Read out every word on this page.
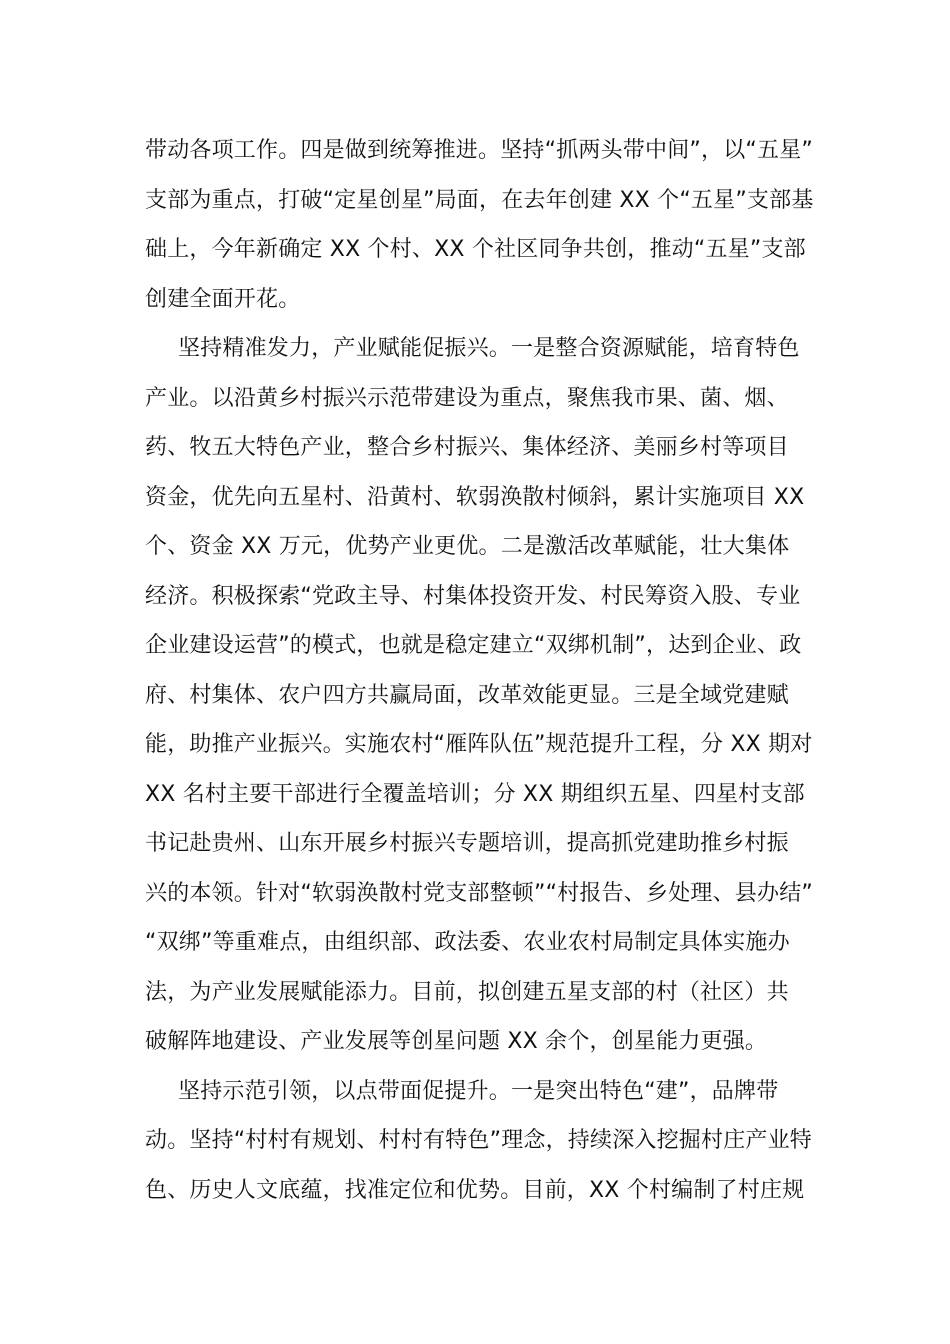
带动各项工作。四是做到统筹推进。坚持“抓两头带中间”，以“五星”
支部为重点，打破“定星创星”局面，在去年创建 XX 个“五星”支部基
础上，今年新确定 XX 个村、XX 个社区同争共创，推动“五星”支部
创建全面开花。
坚持精准发力，产业赋能促振兴。一是整合资源赋能，培育特色
产业。以沿黄乡村振兴示范带建设为重点，聚焦我市果、菌、烟、
药、牧五大特色产业，整合乡村振兴、集体经济、美丽乡村等项目
资金，优先向五星村、沿黄村、软弱涣散村倾斜，累计实施项目 XX
个、资金 XX 万元，优势产业更优。二是激活改革赋能，壮大集体
经济。积极探索“党政主导、村集体投资开发、村民筹资入股、专业
企业建设运营”的模式，也就是稳定建立“双绑机制”，达到企业、政
府、村集体、农户四方共赢局面，改革效能更显。三是全域党建赋
能，助推产业振兴。实施农村“雁阵队伍”规范提升工程，分 XX 期对
XX 名村主要干部进行全覆盖培训；分 XX 期组织五星、四星村支部
书记赴贵州、山东开展乡村振兴专题培训，提高抓党建助推乡村振
兴的本领。针对“软弱涣散村党支部整顿”“村报告、乡处理、县办结”
“双绑”等重难点，由组织部、政法委、农业农村局制定具体实施办
法，为产业发展赋能添力。目前，拟创建五星支部的村（社区）共
破解阵地建设、产业发展等创星问题 XX 余个，创星能力更强。
坚持示范引领，以点带面促提升。一是突出特色“建”，品牌带
动。坚持“村村有规划、村村有特色”理念，持续深入挖掘村庄产业特
色、历史人文底蕴，找准定位和优势。目前，XX 个村编制了村庄规
